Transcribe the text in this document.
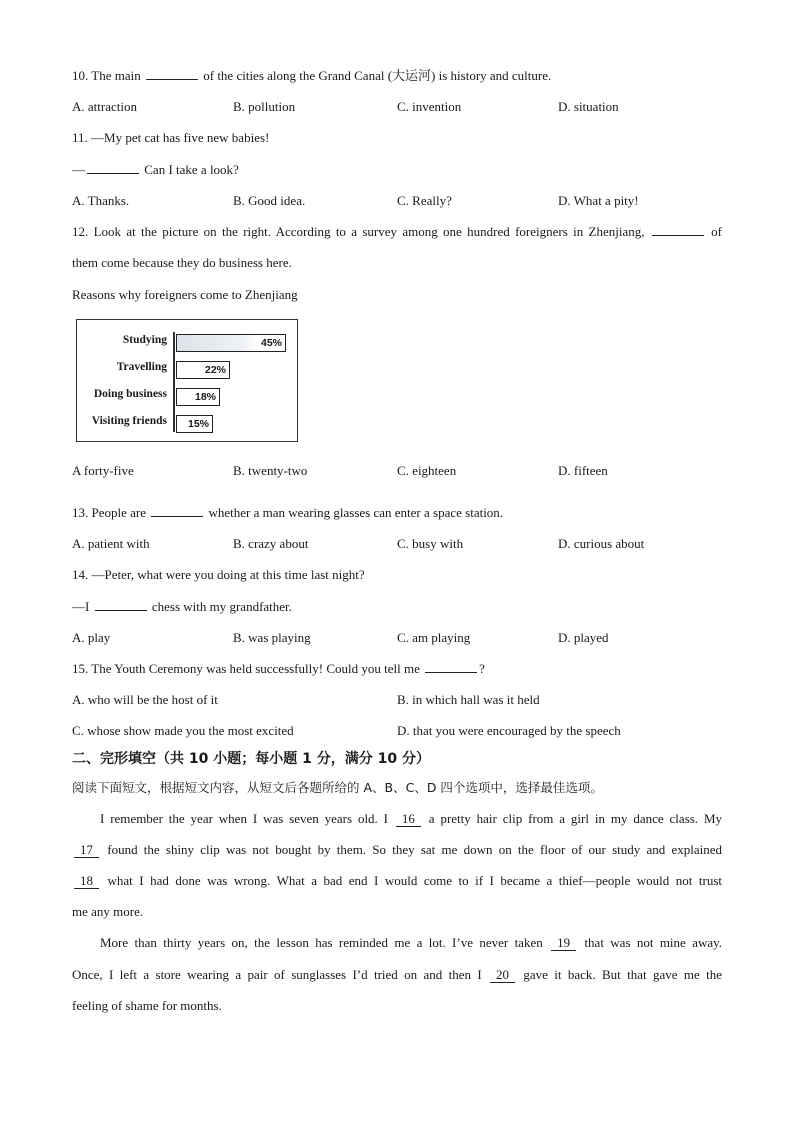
10. The main	of the cities along the Grand Canal (大运河) is history and culture.
A. attraction	B. pollution	C. invention	D. situation
11. —My pet cat has five new babies!
—	Can I take a look?
A. Thanks.	B. Good idea.	C. Really?	D. What a pity!
12. Look at the picture on the right. According to a survey among one hundred foreigners in Zhenjiang,	of
them come because they do business here.
Reasons why foreigners come to Zhenjiang
Studying	45%
Travelling	22%
Doing business	18%
Visiting friends 15%
A forty-five	B. twenty-two	C. eighteen	D. fifteen
13. People are	whether a man wearing glasses can enter a space station.
A. patient with	B. crazy about	C. busy with	D. curious about
14. —Peter, what were you doing at this time last night?
—I	chess with my grandfather.
A. play	B. was playing	C. am playing	D. played
15. The Youth Ceremony was held successfully! Could you tell me	?
A. who will be the host of it	B. in which hall was it held
C. whose show made you the most excited	D. that you were encouraged by the speech
二、完形填空（共 10 小题；每小题 1 分，满分 10 分）
阅读下面短文，根据短文内容，从短文后各题所给的 A、B、C、D 四个选项中，选择最佳选项。
I remember the year when I was seven years old. I 16 a pretty hair clip from a girl in my dance class. My
17 found the shiny clip was not bought by them. So they sat me down on the floor of our study and explained
18 what I had done was wrong. What a bad end I would come to if I became a thief—people would not trust
me any more.
More than thirty years on, the lesson has reminded me a lot. I’ve never taken 19 that was not mine away.
Once, I left a store wearing a pair of sunglasses I’d tried on and then I 20 gave it back. But that gave me the
feeling of shame for months.
